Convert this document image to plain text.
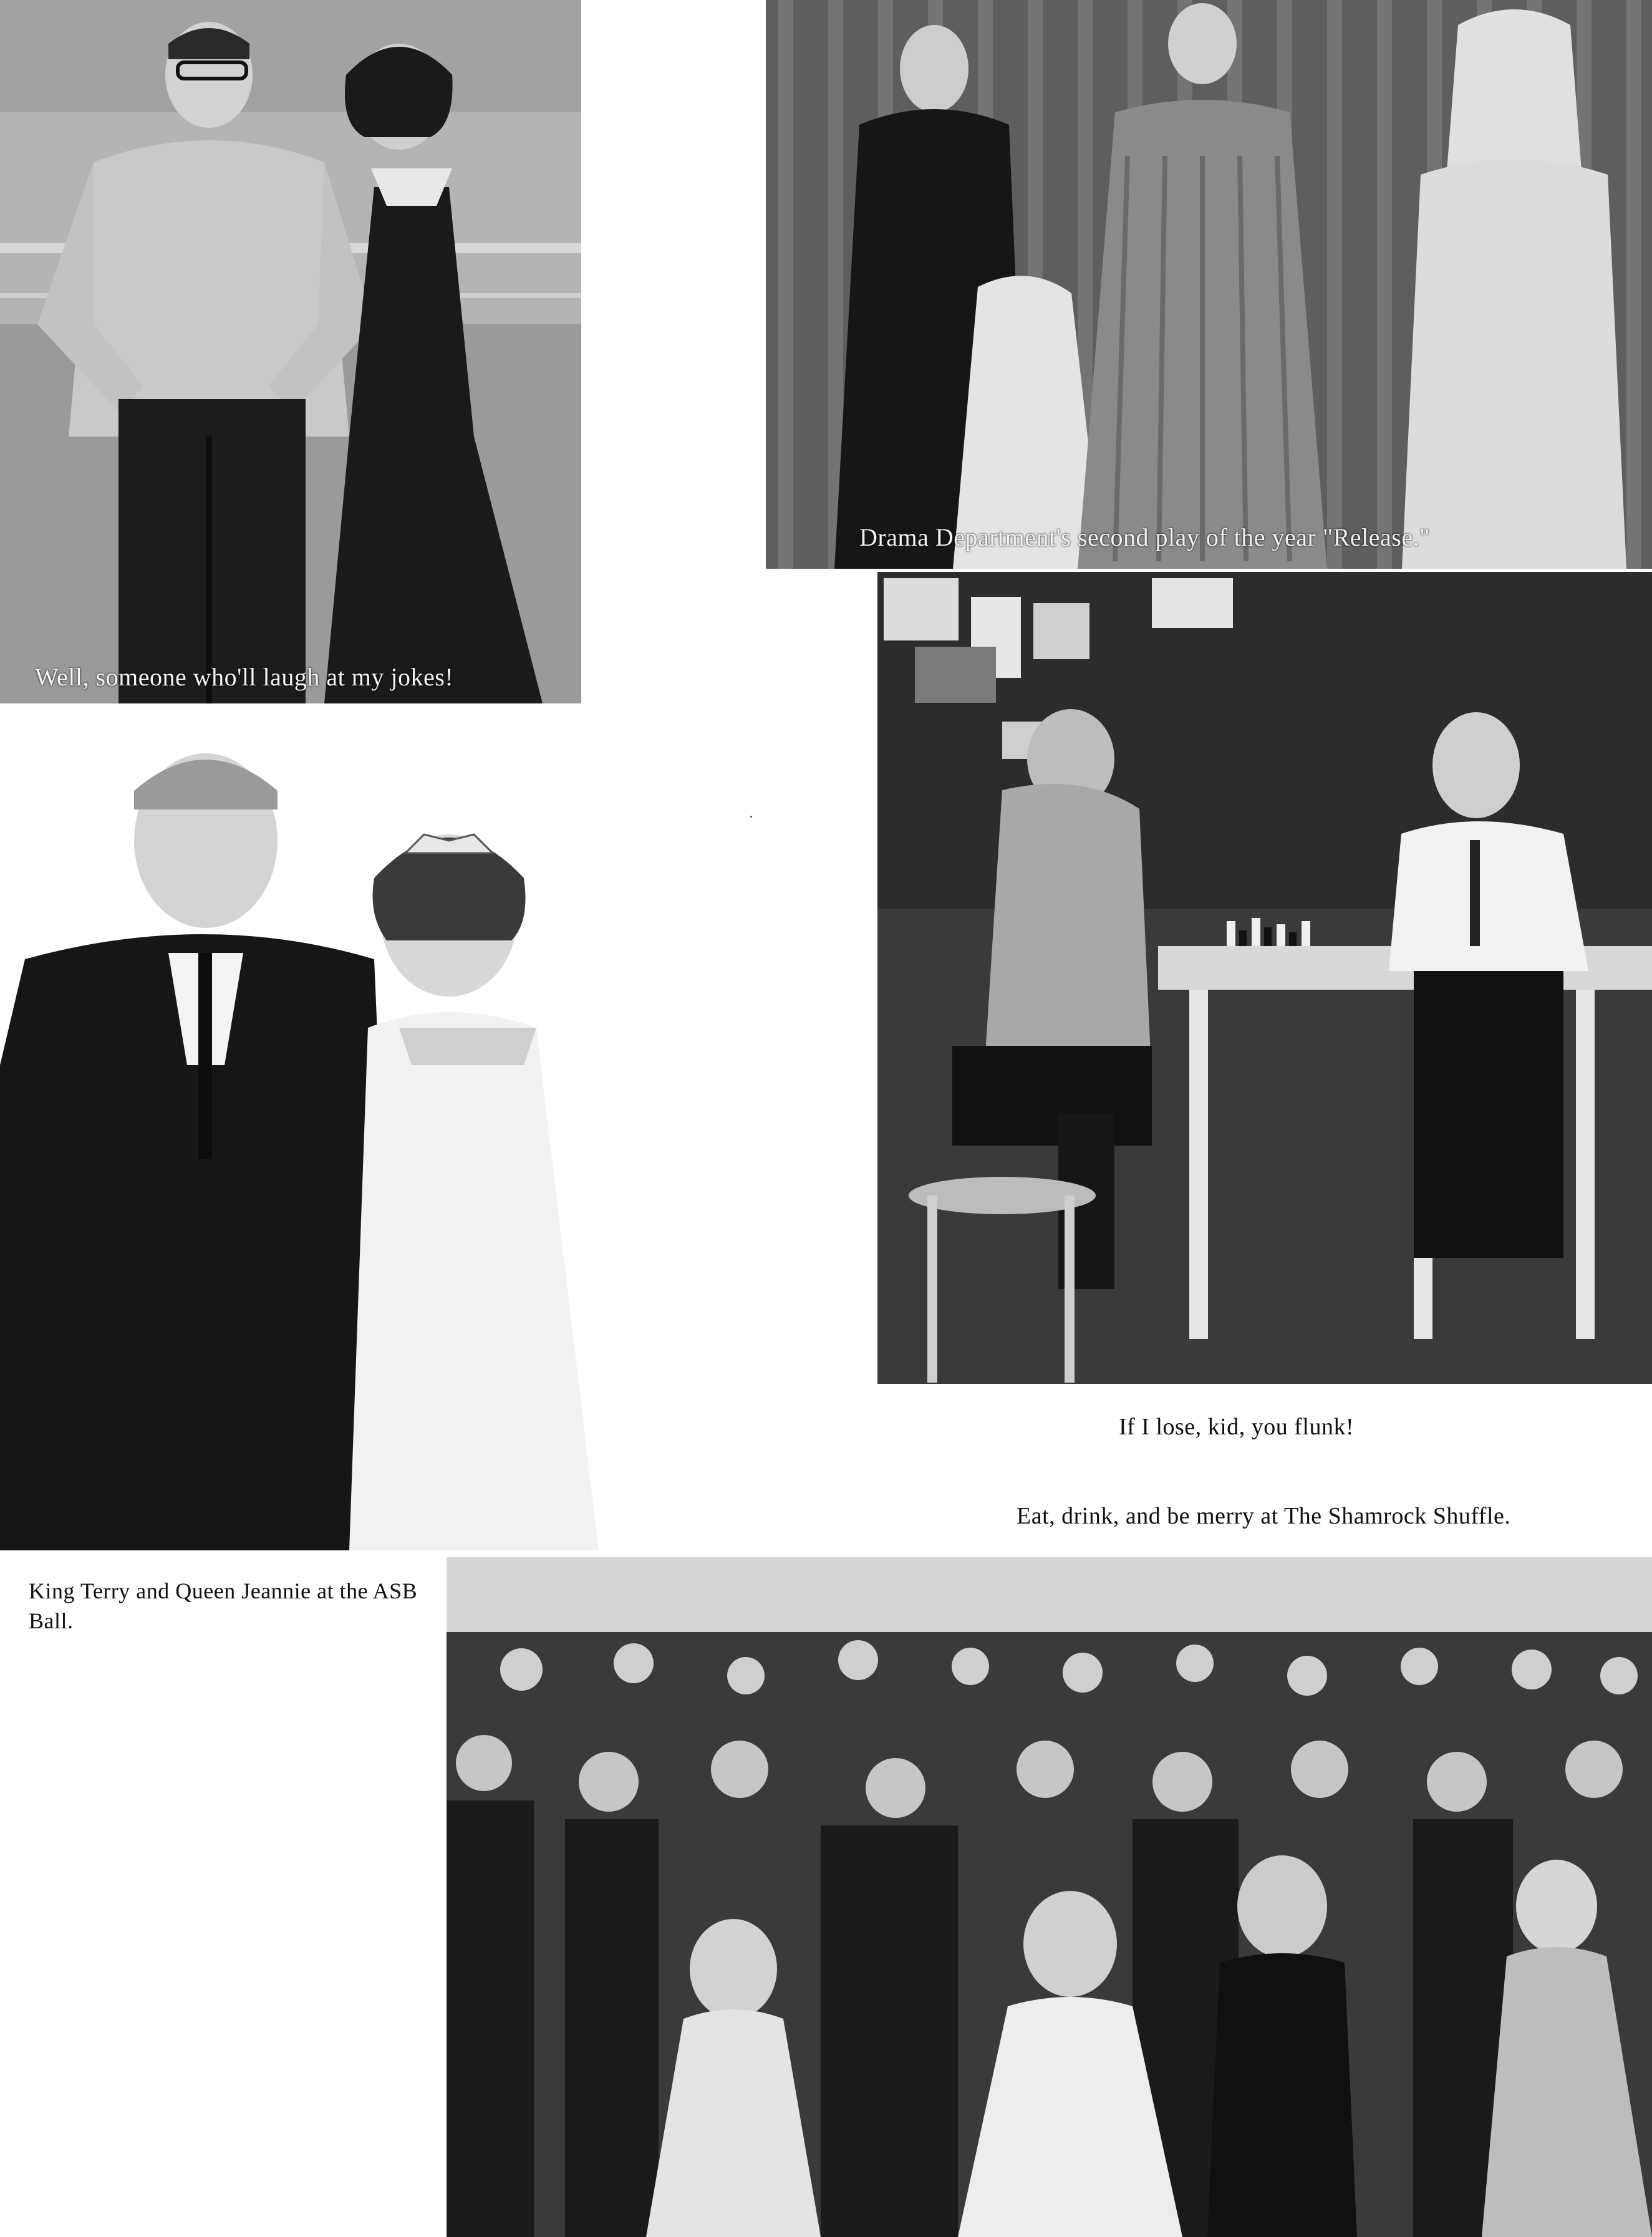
Well, someone who'll laugh at my jokes!
Drama Department's second play of the year "Release."
If I lose, kid, you flunk!
Eat, drink, and be merry at The Shamrock Shuffle.
King Terry and Queen Jeannie at the ASB Ball.
